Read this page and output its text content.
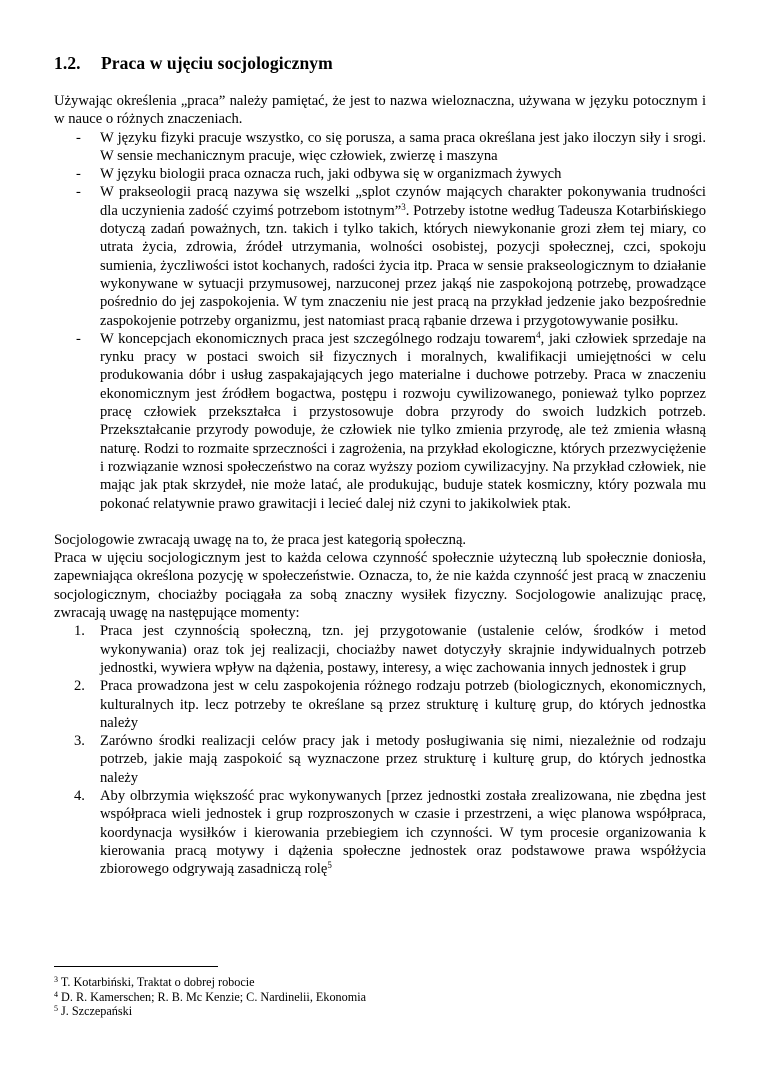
1.2. Praca w ujęciu socjologicznym

Używając określenia „praca” należy pamiętać, że jest to nazwa wieloznaczna, używana w języku potocznym i w nauce o różnych znaczeniach.

- W języku fizyki pracuje wszystko, co się porusza, a sama praca określana jest jako iloczyn siły i srogi. W sensie mechanicznym pracuje, więc człowiek, zwierzę i maszyna
- W języku biologii praca oznacza ruch, jaki odbywa się w organizmach żywych
- W prakseologii pracą nazywa się wszelki „splot czynów mających charakter pokonywania trudności dla uczynienia zadość czyimś potrzebom istotnym”$^3$. Potrzeby istotne według Tadeusza Kotarbińskiego dotyczą zadań poważnych, tzn. takich i tylko takich, których niewykonanie grozi złem tej miary, co utrata życia, zdrowia, źródeł utrzymania, wolności osobistej, pozycji społecznej, czci, spokoju sumienia, życzliwości istot kochanych, radości życia itp. Praca w sensie prakseologicznym to działanie wykonywane w sytuacji przymusowej, narzuconej przez jakąś nie zaspokojoną potrzebę, prowadzące pośrednio do jej zaspokojenia. W tym znaczeniu nie jest pracą na przykład jedzenie jako bezpośrednie zaspokojenie potrzeby organizmu, jest natomiast pracą rąbanie drzewa i przygotowywanie posiłku.
- W koncepcjach ekonomicznych praca jest szczególnego rodzaju towarem$^4$, jaki człowiek sprzedaje na rynku pracy w postaci swoich sił fizycznych i moralnych, kwalifikacji umiejętności w celu produkowania dóbr i usług zaspakajających jego materialne i duchowe potrzeby. Praca w znaczeniu ekonomicznym jest źródłem bogactwa, postępu i rozwoju cywilizowanego, ponieważ tylko poprzez pracę człowiek przekształca i przystosowuje dobra przyrody do swoich ludzkich potrzeb. Przekształcanie przyrody powoduje, że człowiek nie tylko zmienia przyrodę, ale też zmienia własną naturę. Rodzi to rozmaite sprzeczności i zagrożenia, na przykład ekologiczne, których przezwyciężenie i rozwiązanie wznosi społeczeństwo na coraz wyższy poziom cywilizacyjny. Na przykład człowiek, nie mając jak ptak skrzydeł, nie może latać, ale produkując, buduje statek kosmiczny, który pozwala mu pokonać relatywnie prawo grawitacji i lecieć dalej niż czyni to jakikolwiek ptak.

Socjologowie zwracają uwagę na to, że praca jest kategorią społeczną.

Praca w ujęciu socjologicznym jest to każda celowa czynność społecznie użyteczną lub społecznie doniosła, zapewniająca określona pozycję w społeczeństwie. Oznacza, to, że nie każda czynność jest pracą w znaczeniu socjologicznym, chociażby pociągała za sobą znaczny wysiłek fizyczny. Socjologowie analizując pracę, zwracają uwagę na następujące momenty:

1. Praca jest czynnością społeczną, tzn. jej przygotowanie (ustalenie celów, środków i metod wykonywania) oraz tok jej realizacji, chociażby nawet dotyczyły skrajnie indywidualnych potrzeb jednostki, wywiera wpływ na dążenia, postawy, interesy, a więc zachowania innych jednostek i grup
2. Praca prowadzona jest w celu zaspokojenia różnego rodzaju potrzeb (biologicznych, ekonomicznych, kulturalnych itp. lecz potrzeby te określane są przez strukturę i kulturę grup, do których jednostka należy
3. Zarówno środki realizacji celów pracy jak i metody posługiwania się nimi, niezależnie od rodzaju potrzeb, jakie mają zaspokoić są wyznaczone przez strukturę i kulturę grup, do których jednostka należy
4. Aby olbrzymia większość prac wykonywanych [przez jednostki została zrealizowana, nie zbędna jest współpraca wieli jednostek i grup rozproszonych w czasie i przestrzeni, a więc planowa współpraca, koordynacja wysiłków i kierowania przebiegiem ich czynności. W tym procesie organizowania k kierowania pracą motywy i dążenia społeczne jednostek oraz podstawowe prawa współżycia zbiorowego odgrywają zasadniczą rolę$^5$
$^3$ T. Kotarbiński, Traktat o dobrej robocie
$^4$ D. R. Kamerschen; R. B. Mc Kenzie; C. Nardinelii, Ekonomia
$^5$ J. Szczepański
